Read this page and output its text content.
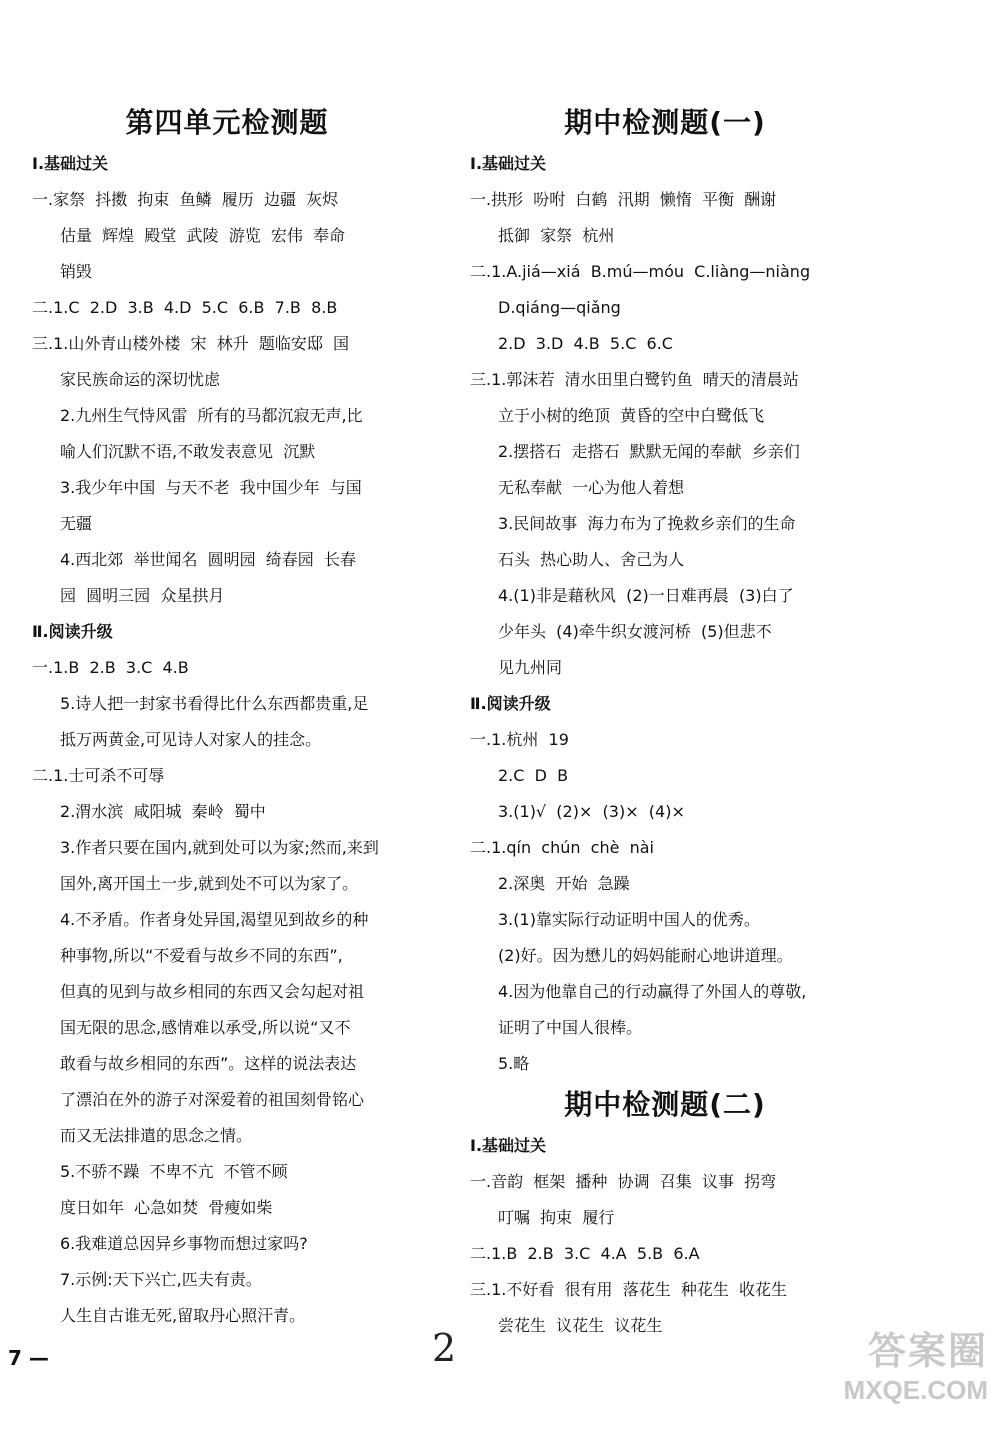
第四单元检测题
Ⅰ.基础过关
一.家祭  抖擞  拘束  鱼鳞  履历  边疆  灰烬
估量  辉煌  殿堂  武陵  游览  宏伟  奉命
销毁
二.1.C  2.D  3.B  4.D  5.C  6.B  7.B  8.B
三.1.山外青山楼外楼  宋  林升  题临安邸  国
家民族命运的深切忧虑
2.九州生气恃风雷  所有的马都沉寂无声,比
喻人们沉默不语,不敢发表意见  沉默
3.我少年中国  与天不老  我中国少年  与国
无疆
4.西北郊  举世闻名  圆明园  绮春园  长春
园  圆明三园  众星拱月
Ⅱ.阅读升级
一.1.B  2.B  3.C  4.B
5.诗人把一封家书看得比什么东西都贵重,足
抵万两黄金,可见诗人对家人的挂念。
二.1.士可杀不可辱
2.渭水滨  咸阳城  秦岭  蜀中
3.作者只要在国内,就到处可以为家;然而,来到
国外,离开国土一步,就到处不可以为家了。
4.不矛盾。作者身处异国,渴望见到故乡的种
种事物,所以“不爱看与故乡不同的东西”,
但真的见到与故乡相同的东西又会勾起对祖
国无限的思念,感情难以承受,所以说“又不
敢看与故乡相同的东西”。这样的说法表达
了漂泊在外的游子对深爱着的祖国刻骨铭心
而又无法排遣的思念之情。
5.不骄不躁  不卑不亢  不管不顾
度日如年  心急如焚  骨瘦如柴
6.我难道总因异乡事物而想过家吗?
7.示例:天下兴亡,匹夫有责。
人生自古谁无死,留取丹心照汗青。
期中检测题(一)
Ⅰ.基础过关
一.拱形  吩咐  白鹤  汛期  懒惰  平衡  酬谢
抵御  家祭  杭州
二.1.A.jiá—xiá  B.mú—móu  C.liàng—niàng
D.qiáng—qiǎng
2.D  3.D  4.B  5.C  6.C
三.1.郭沫若  清水田里白鹭钓鱼  晴天的清晨站
立于小树的绝顶  黄昏的空中白鹭低飞
2.摆搭石  走搭石  默默无闻的奉献  乡亲们
无私奉献  一心为他人着想
3.民间故事  海力布为了挽救乡亲们的生命
石头  热心助人、舍己为人
4.(1)非是藉秋风  (2)一日难再晨  (3)白了
少年头  (4)牵牛织女渡河桥  (5)但悲不
见九州同
Ⅱ.阅读升级
一.1.杭州  19
2.C  D  B
3.(1)√  (2)×  (3)×  (4)×
二.1.qín  chún  chè  nài
2.深奥  开始  急躁
3.(1)靠实际行动证明中国人的优秀。
(2)好。因为懋儿的妈妈能耐心地讲道理。
4.因为他靠自己的行动赢得了外国人的尊敬,
证明了中国人很棒。
5.略
期中检测题(二)
Ⅰ.基础过关
一.音韵  框架  播种  协调  召集  议事  拐弯
叮嘱  拘束  履行
二.1.B  2.B  3.C  4.A  5.B  6.A
三.1.不好看  很有用  落花生  种花生  收花生
尝花生  议花生  议花生
7 —	2	答案圈
MXQE.COM
